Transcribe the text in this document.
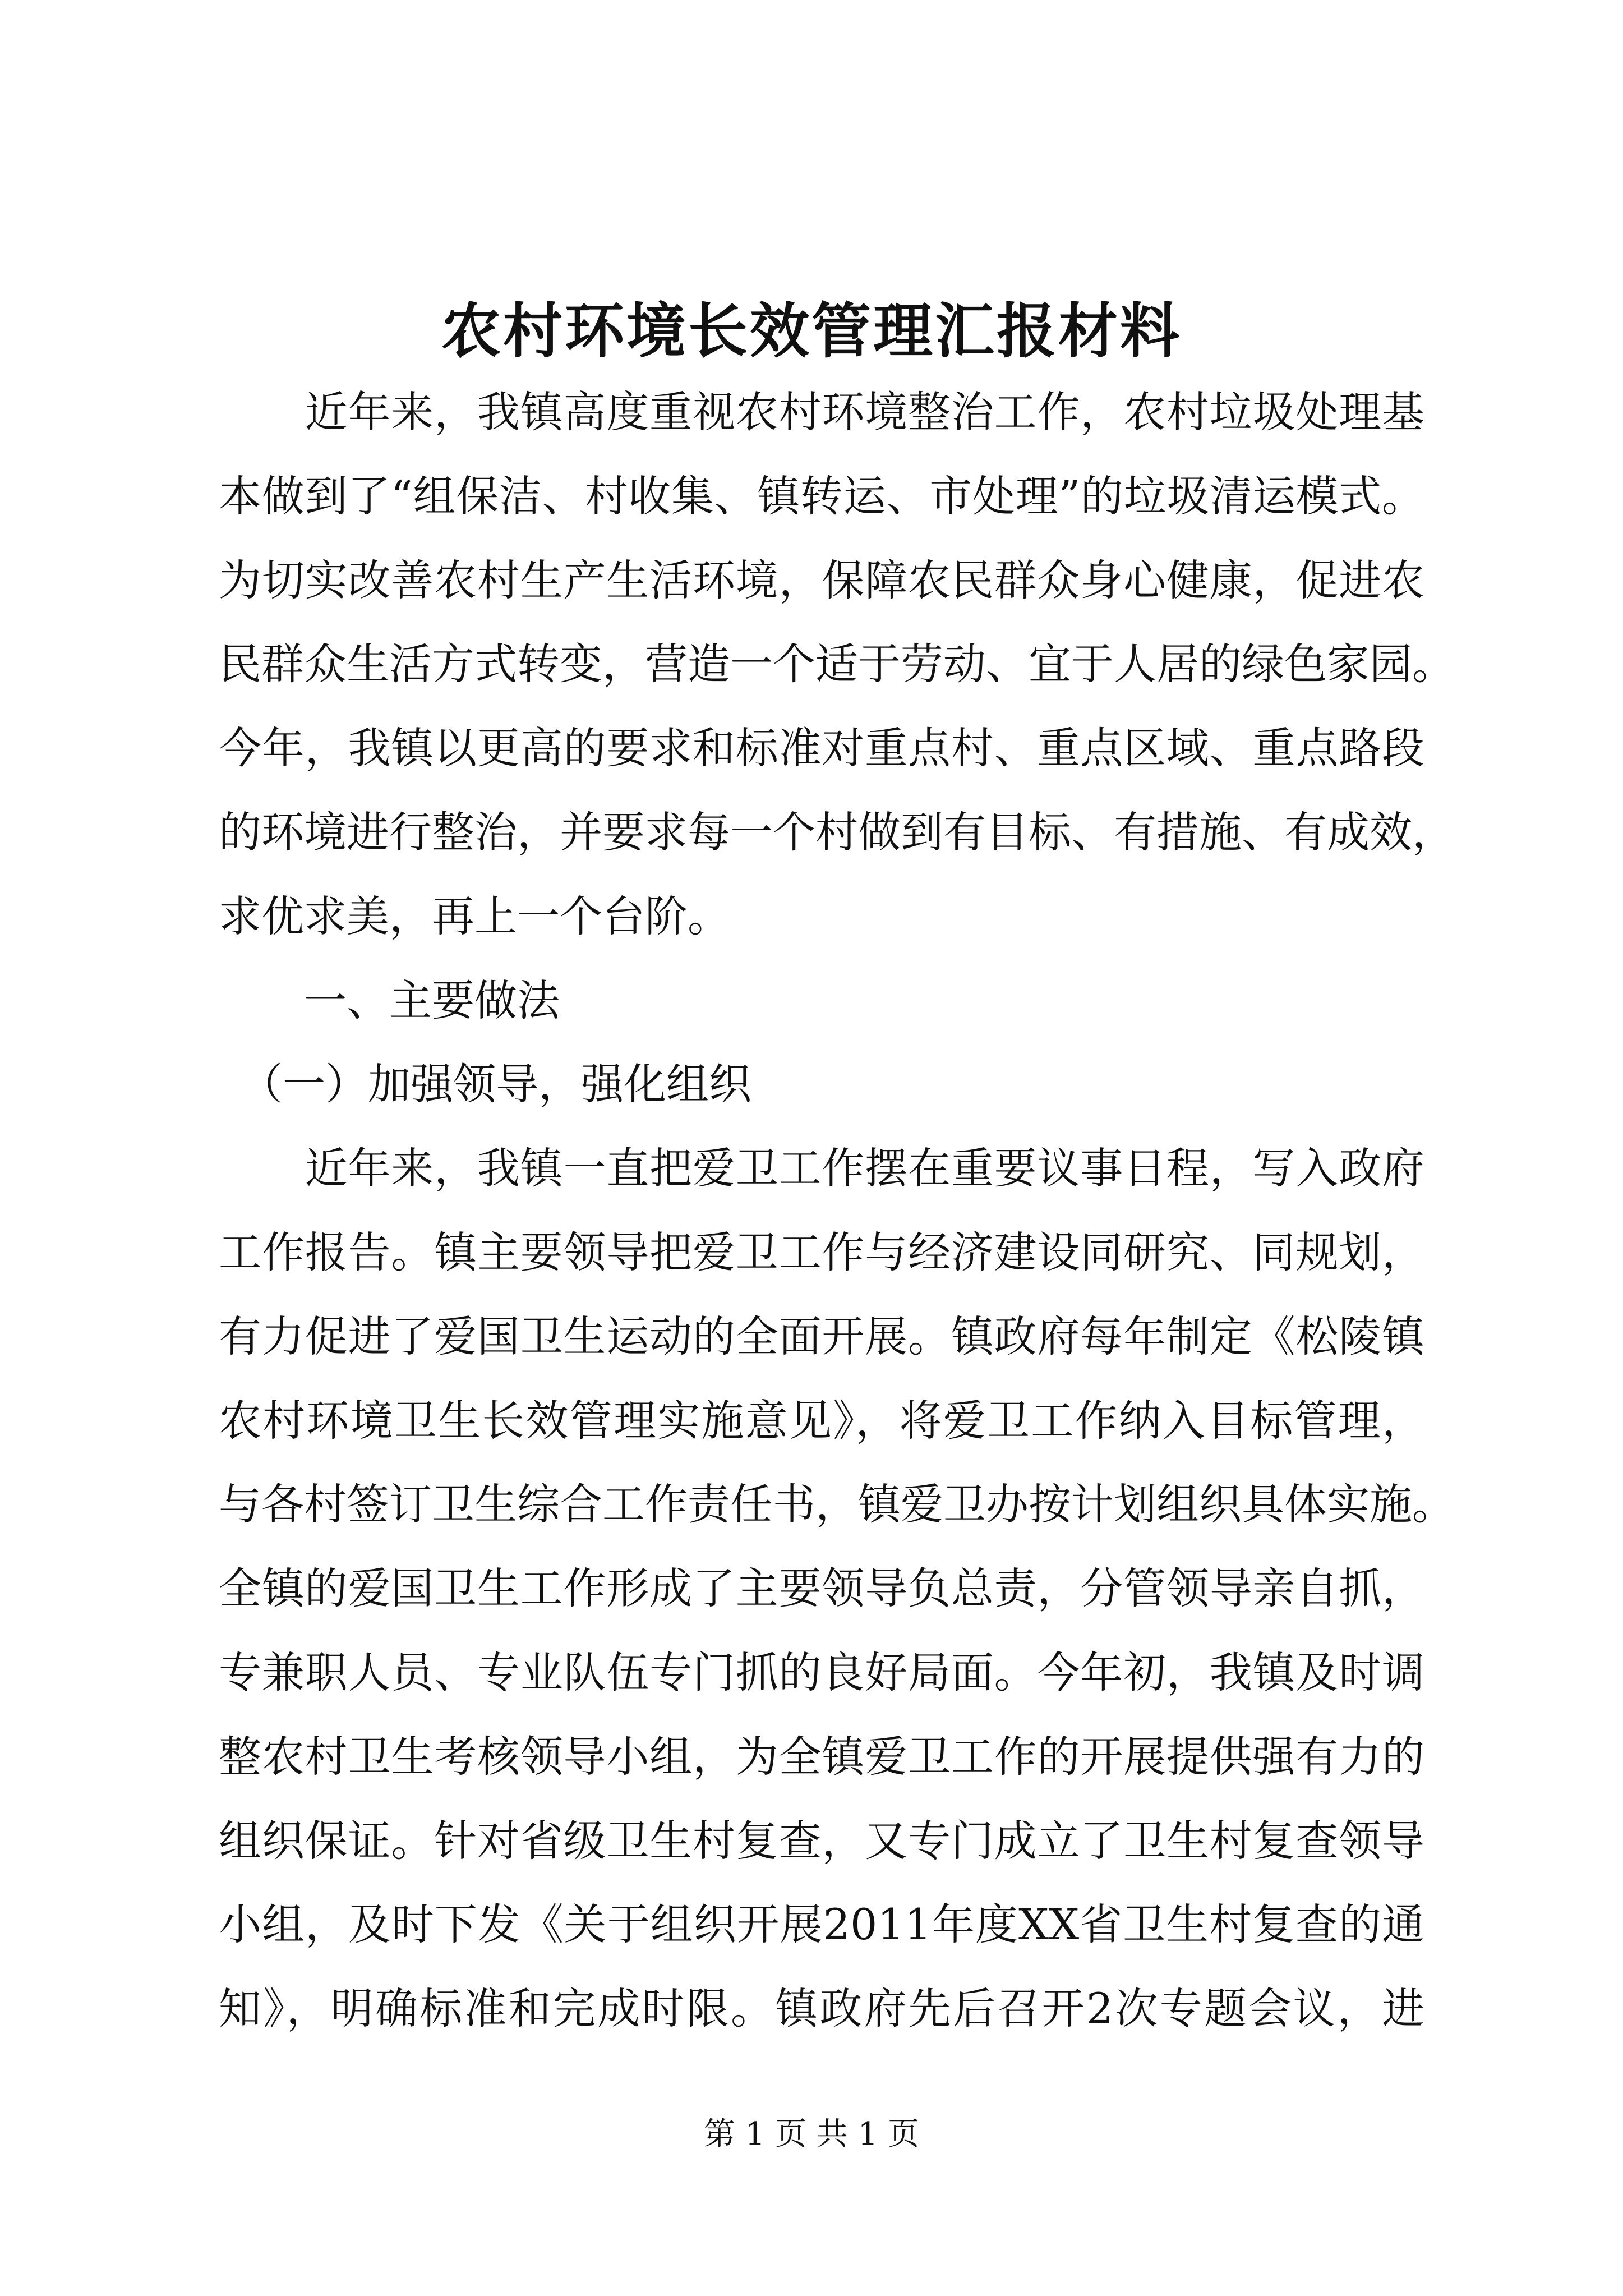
农村环境长效管理汇报材料
　　近年来，我镇高度重视农村环境整治工作，农村垃圾处理基
本做到了“组保洁、村收集、镇转运、市处理”的垃圾清运模式。
为切实改善农村生产生活环境，保障农民群众身心健康，促进农
民群众生活方式转变，营造一个适于劳动、宜于人居的绿色家园。
今年，我镇以更高的要求和标准对重点村、重点区域、重点路段
的环境进行整治，并要求每一个村做到有目标、有措施、有成效，
求优求美，再上一个台阶。
　　一、主要做法
　（一）加强领导，强化组织
　　近年来，我镇一直把爱卫工作摆在重要议事日程，写入政府
工作报告。镇主要领导把爱卫工作与经济建设同研究、同规划，
有力促进了爱国卫生运动的全面开展。镇政府每年制定《松陵镇
农村环境卫生长效管理实施意见》，将爱卫工作纳入目标管理，
与各村签订卫生综合工作责任书，镇爱卫办按计划组织具体实施。
全镇的爱国卫生工作形成了主要领导负总责，分管领导亲自抓，
专兼职人员、专业队伍专门抓的良好局面。今年初，我镇及时调
整农村卫生考核领导小组，为全镇爱卫工作的开展提供强有力的
组织保证。针对省级卫生村复查，又专门成立了卫生村复查领导
小组，及时下发《关于组织开展2011年度XX省卫生村复查的通
知》，明确标准和完成时限。镇政府先后召开2次专题会议，进
第 1 页 共 1 页
